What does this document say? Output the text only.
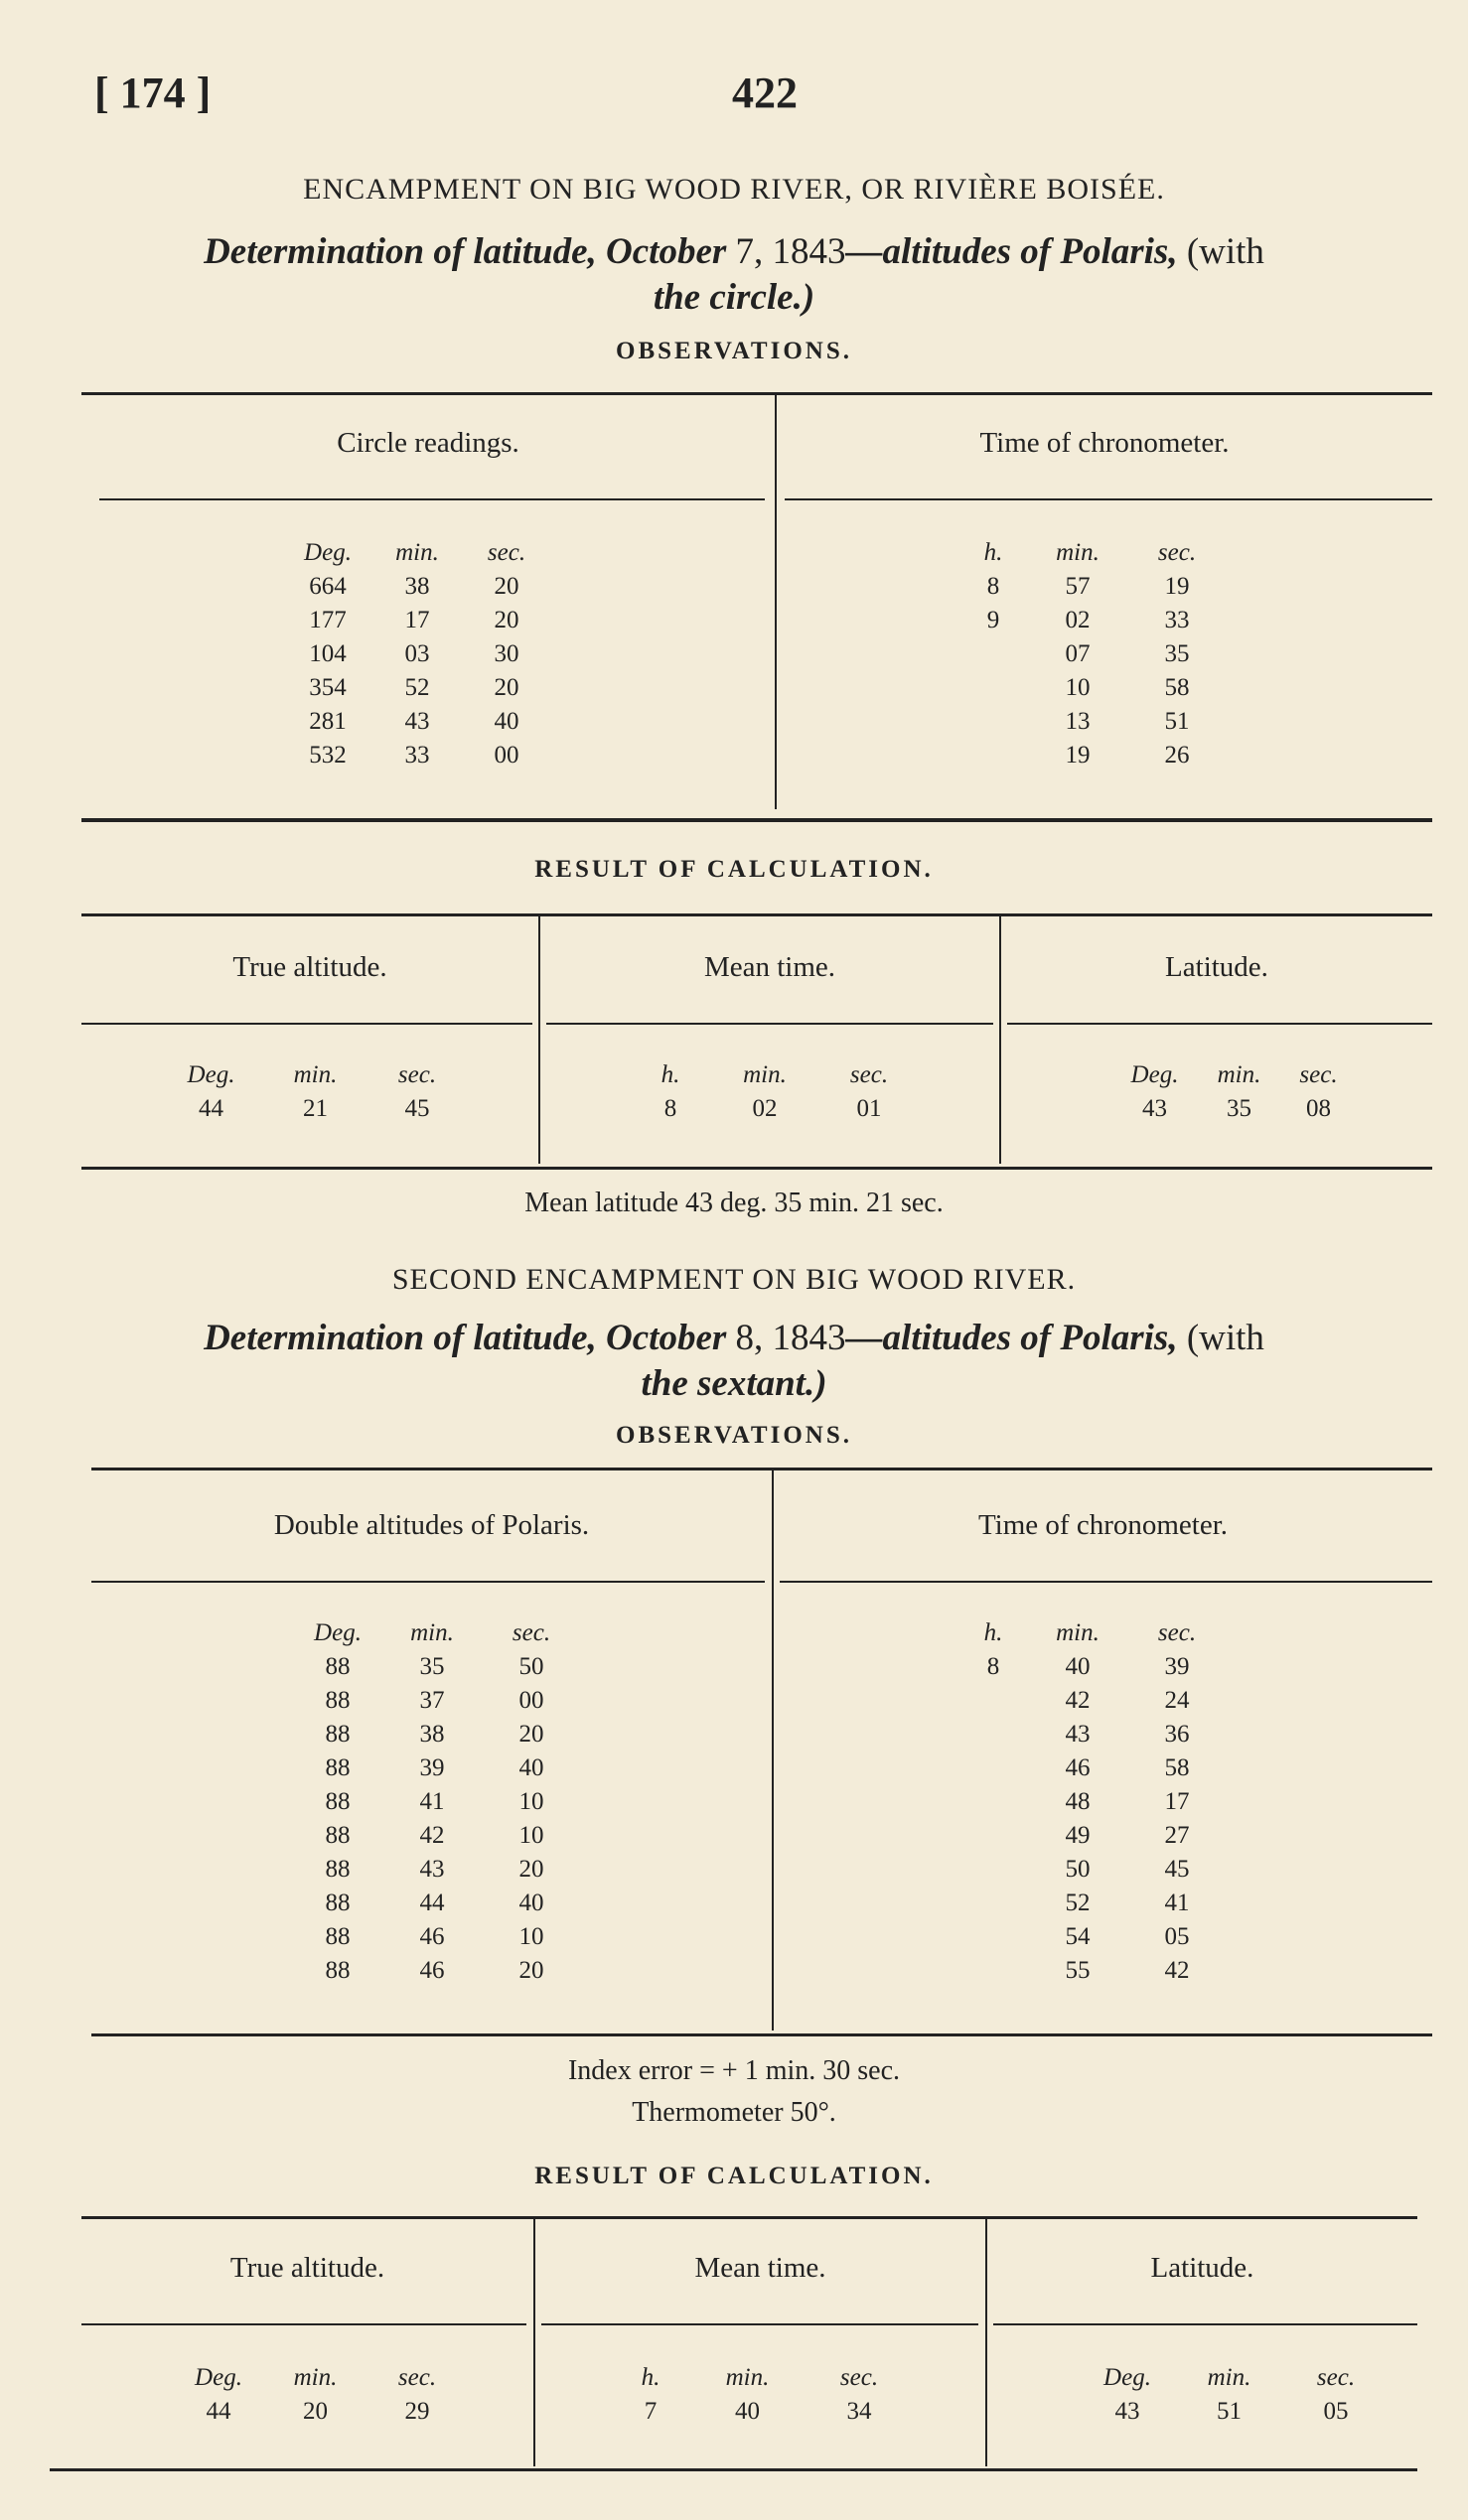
[ 174 ]	422
ENCAMPMENT ON BIG WOOD RIVER, OR RIVIÈRE BOISÉE.
Determination of latitude, October 7, 1843—altitudes of Polaris, (with
the circle.)
OBSERVATIONS.
Circle readings.	Time of chronometer.
Deg.	min.	sec.
664	38	20
177	17	20
104	03	30
354	52	20
281	43	40
532	33	00
h.	min.	sec.
8	57	19
9	02	33
	07	35
	10	58
	13	51
	19	26
RESULT OF CALCULATION.
True altitude.	Mean time.	Latitude.
Deg.	min.	sec.
44	21	45
h.	min.	sec.
8	02	01
Deg.	min.	sec.
43	35	08
Mean latitude 43 deg. 35 min. 21 sec.
SECOND ENCAMPMENT ON BIG WOOD RIVER.
Determination of latitude, October 8, 1843—altitudes of Polaris, (with
the sextant.)
OBSERVATIONS.
Double altitudes of Polaris.	Time of chronometer.
Deg.	min.	sec.
88	35	50
88	37	00
88	38	20
88	39	40
88	41	10
88	42	10
88	43	20
88	44	40
88	46	10
88	46	20
h.	min.	sec.
8	40	39
	42	24
	43	36
	46	58
	48	17
	49	27
	50	45
	52	41
	54	05
	55	42
Index error = + 1 min. 30 sec.
Thermometer 50°.
RESULT OF CALCULATION.
True altitude.	Mean time.	Latitude.
Deg.	min.	sec.
44	20	29
h.	min.	sec.
7	40	34
Deg.	min.	sec.
43	51	05
